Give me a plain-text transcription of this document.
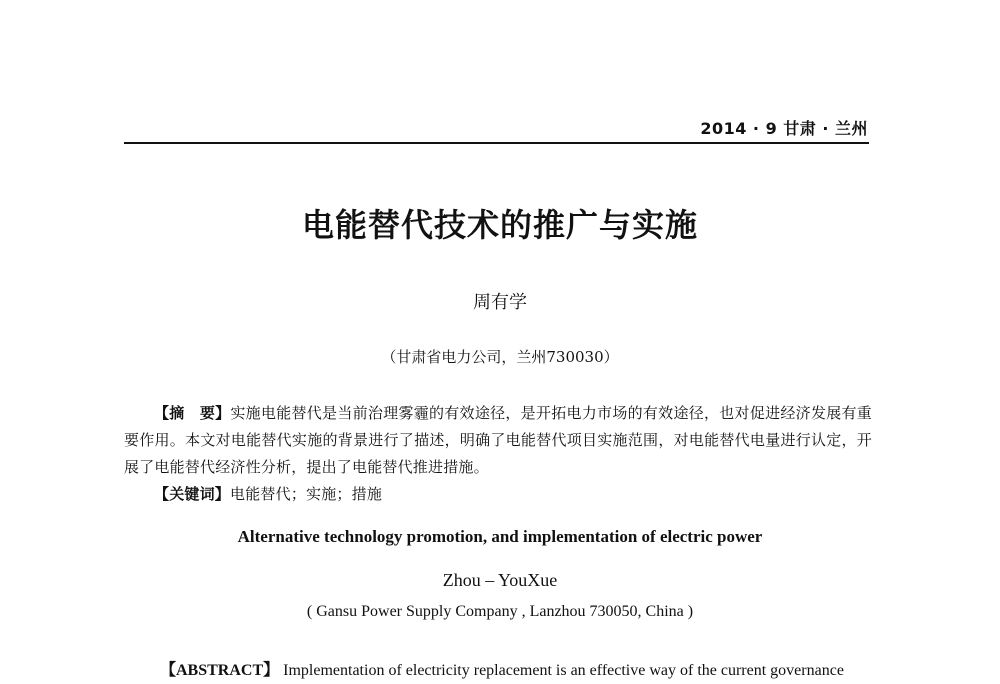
2014 · 9 甘肃 · 兰州
电能替代技术的推广与实施
周有学
（甘肃省电力公司，兰州730030）

【摘　要】实施电能替代是当前治理雾霾的有效途径，是开拓电力市场的有效途径，也对促进经济发展有重要作用。本文对电能替代实施的背景进行了描述，明确了电能替代项目实施范围，对电能替代电量进行认定，开展了电能替代经济性分析，提出了电能替代推进措施。

【关键词】电能替代；实施；措施

Alternative technology promotion, and implementation of electric power
Zhou – YouXue
( Gansu Power Supply Company , Lanzhou 730050, China )
【ABSTRACT】 Implementation of electricity replacement is an effective way of the current governance
